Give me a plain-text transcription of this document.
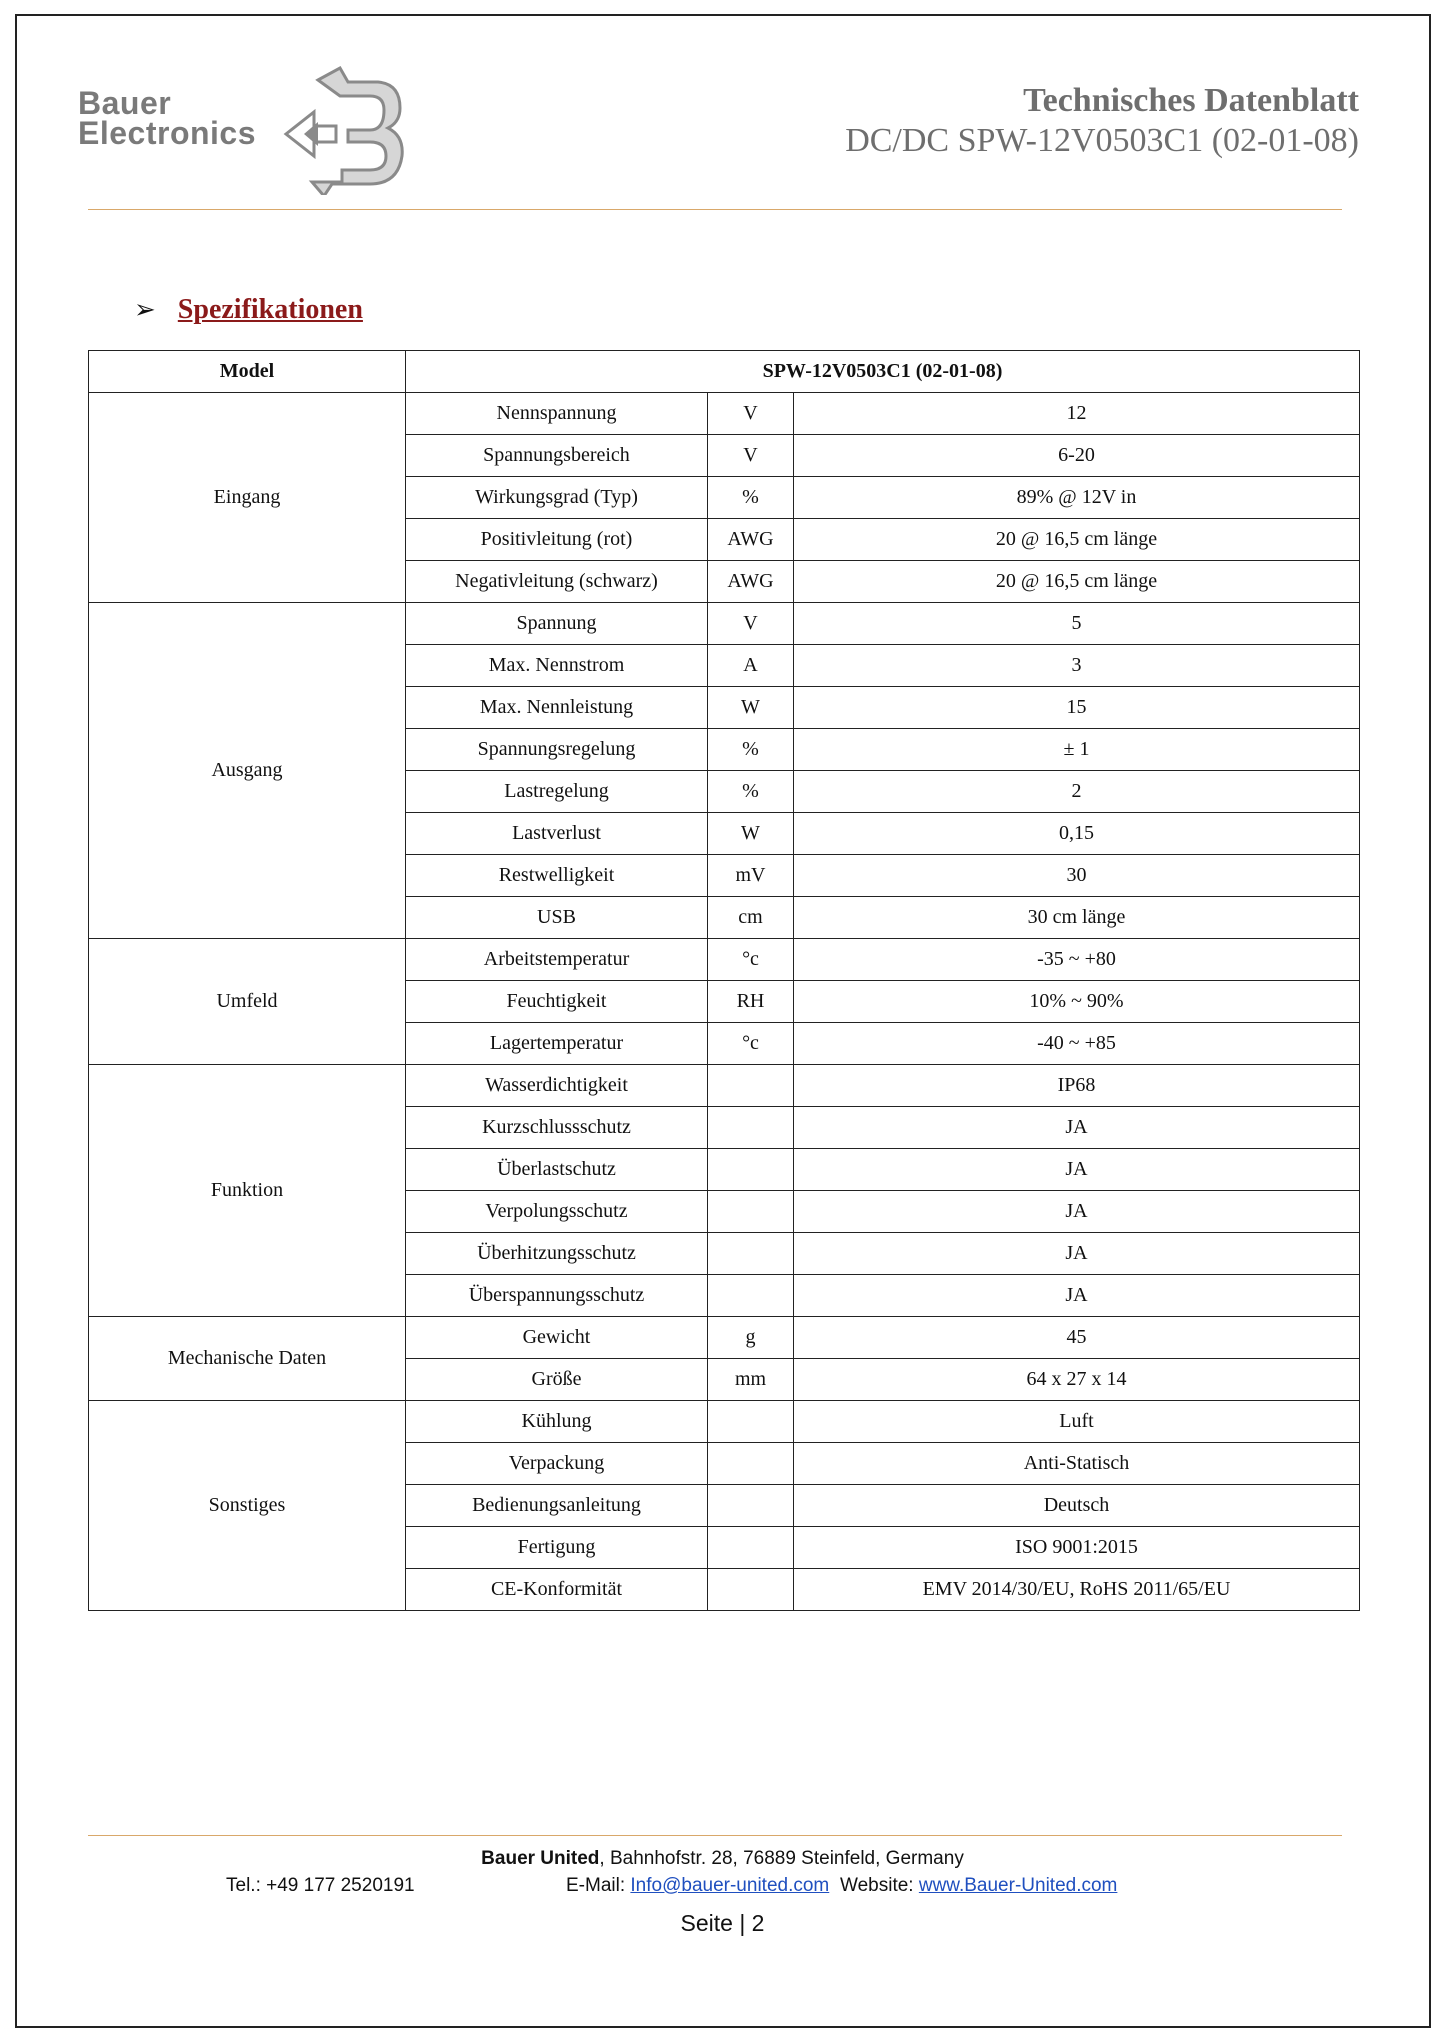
Bauer
Electronics
Technisches Datenblatt
DC/DC SPW-12V0503C1 (02-01-08)
➢ Spezifikationen
Model	SPW-12V0503C1 (02-01-08)		
Eingang	Nennspannung	V	12
	Spannungsbereich	V	6-20
	Wirkungsgrad (Typ)	%	89% @ 12V in
	Positivleitung (rot)	AWG	20 @ 16,5 cm länge
	Negativleitung (schwarz)	AWG	20 @ 16,5 cm länge
Ausgang	Spannung	V	5
	Max. Nennstrom	A	3
	Max. Nennleistung	W	15
	Spannungsregelung	%	± 1
	Lastregelung	%	2
	Lastverlust	W	0,15
	Restwelligkeit	mV	30
	USB	cm	30 cm länge
Umfeld	Arbeitstemperatur	°c	-35 ~ +80
	Feuchtigkeit	RH	10% ~ 90%
	Lagertemperatur	°c	-40 ~ +85
Funktion	Wasserdichtigkeit		IP68
	Kurzschlussschutz		JA
	Überlastschutz		JA
	Verpolungsschutz		JA
	Überhitzungsschutz		JA
	Überspannungsschutz		JA
Mechanische Daten	Gewicht	g	45
	Größe	mm	64 x 27 x 14
Sonstiges	Kühlung		Luft
	Verpackung		Anti-Statisch
	Bedienungsanleitung		Deutsch
	Fertigung		ISO 9001:2015
	CE-Konformität		EMV 2014/30/EU, RoHS 2011/65/EU
Bauer United, Bahnhofstr. 28, 76889 Steinfeld, Germany
Tel.: +49 177 2520191	E-Mail: Info@bauer-united.com Website: www.Bauer-United.com
Seite | 2
